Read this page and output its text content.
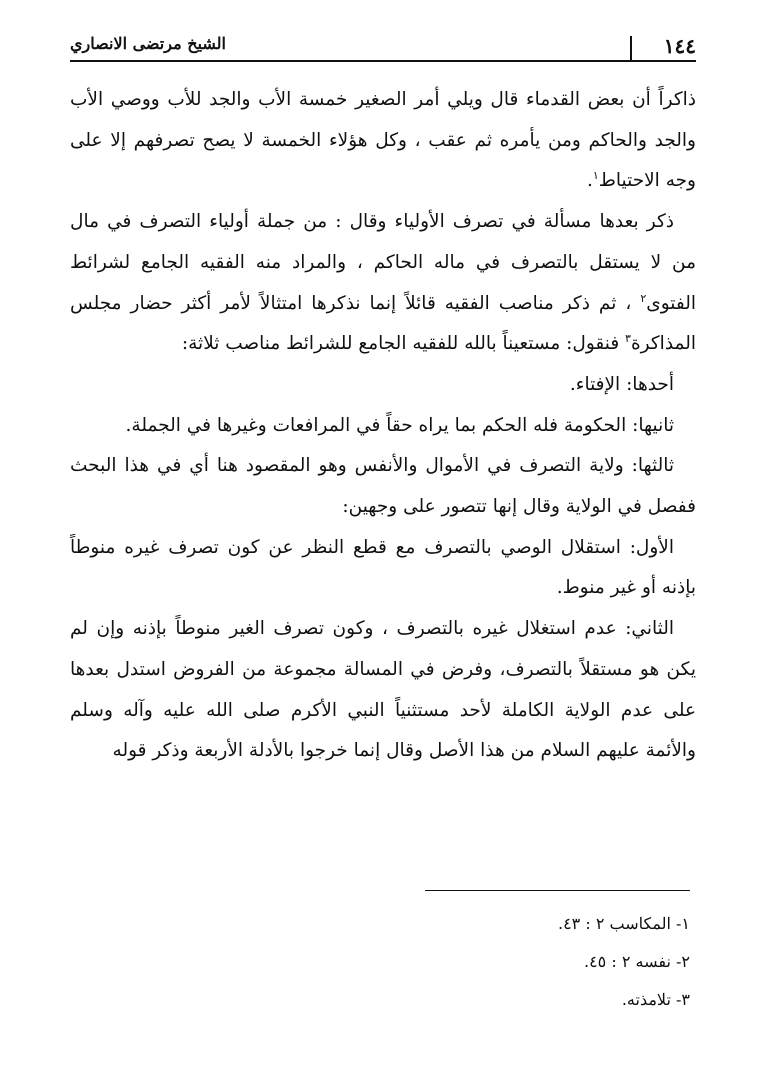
١٤٤
الشيخ مرتضى الانصاري

ذاكراً أن بعض القدماء قال ويلي أمر الصغير خمسة الأب والجد للأب ووصي الأب والجد والحاكم ومن يأمره ثم عقب ، وكل هؤلاء الخمسة لا يصح تصرفهم إلا على وجه الاحتياط$^١$.

ذكر بعدها مسألة في تصرف الأولياء وقال : من جملة أولياء التصرف في مال من لا يستقل بالتصرف في ماله الحاكم ، والمراد منه الفقيه الجامع لشرائط الفتوى$^٢$ ، ثم ذكر مناصب الفقيه قائلاً إنما نذكرها امتثالاً لأمر أكثر حضار مجلس المذاكرة$^٣$ فنقول: مستعيناً بالله للفقيه الجامع للشرائط مناصب ثلاثة:

أحدها: الإفتاء.

ثانيها: الحكومة فله الحكم بما يراه حقاً في المرافعات وغيرها في الجملة.

ثالثها: ولاية التصرف في الأموال والأنفس وهو المقصود هنا أي في هذا البحث ففصل في الولاية وقال إنها تتصور على وجهين:

الأول: استقلال الوصي بالتصرف مع قطع النظر عن كون تصرف غيره منوطاً بإذنه أو غير منوط.

الثاني: عدم استغلال غيره بالتصرف ، وكون تصرف الغير منوطاً بإذنه وإن لم يكن هو مستقلاً بالتصرف، وفرض في المسالة مجموعة من الفروض استدل بعدها على عدم الولاية الكاملة لأحد مستثنياً النبي الأكرم صلى الله عليه وآله وسلم والأئمة عليهم السلام من هذا الأصل وقال إنما خرجوا بالأدلة الأربعة وذكر قوله

١- المكاسب ٢ : ٤٣.
٢- نفسه ٢ : ٤٥.
٣- تلامذته.
